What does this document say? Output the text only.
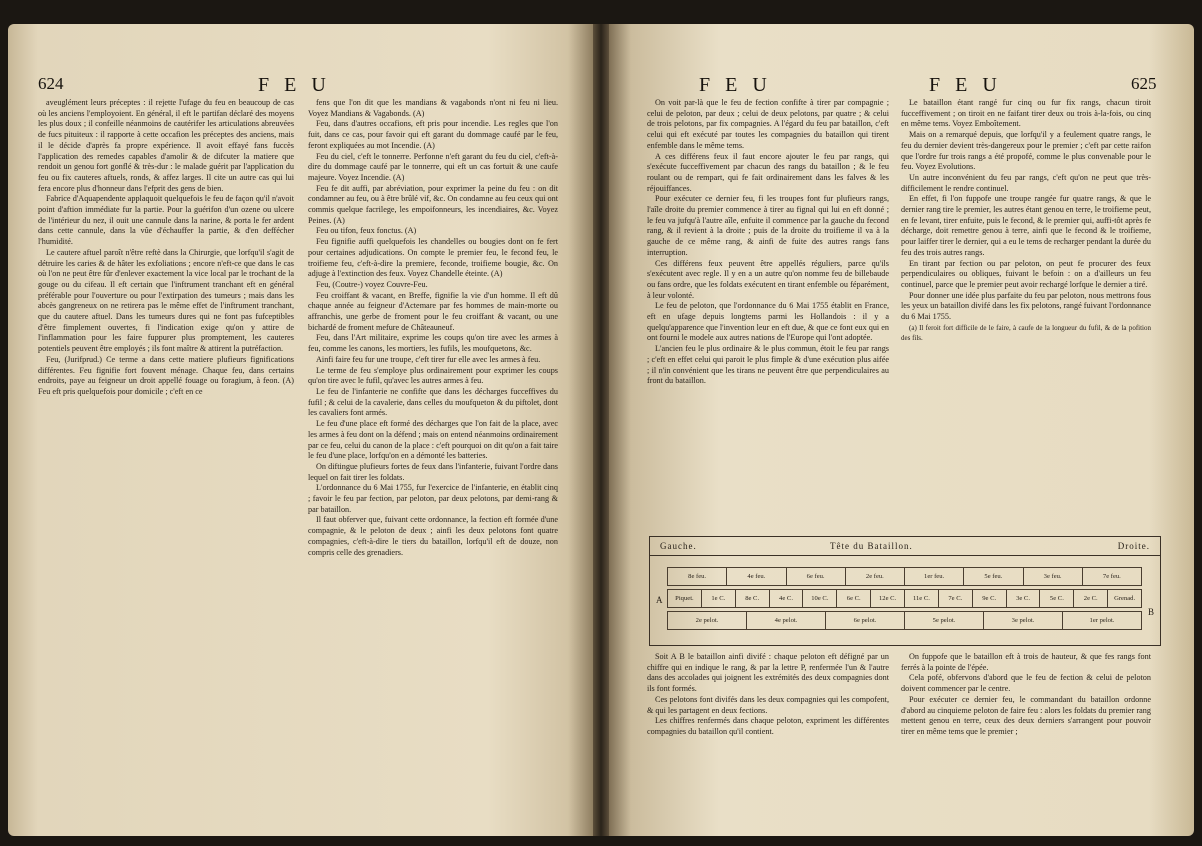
624	F E U

aveuglément leurs préceptes : il rejette l'ufage du feu en beaucoup de cas où les anciens l'employoient. En général, il eft le partifan déclaré des moyens les plus doux ; il confeille néanmoins de cautérifer les articulations abreuvées de fucs pituiteux : il rapporte à cette occafion les préceptes des anciens, mais il le décide d'après fa propre expérience. Il avoit effayé fans fuccès l'application des remedes capables d'amolir & de difcuter la matiere que rendoit un genou fort gonflé & très-dur : le malade guérit par l'application du feu ou fix cauteres aftuels, ronds, & affez larges. Il cite un autre cas qui lui fera encore plus d'honneur dans l'efprit des gens de bien.

Fabrice d'Aquapendente applaquoit quelquefois le feu de façon qu'il n'avoit point d'aftion immédiate fur la partie. Pour la guérifon d'un ozene ou ulcere de l'intérieur du nez, il ouit une cannule dans la narine, & porta le fer ardent dans cette cannule, dans la vûe d'échauffer la partie, & d'en deffécher l'humidité.

Le cautere aftuel paroît n'être reftè dans la Chirurgie, que lorfqu'il s'agit de détruire les caries & de hâter les exfoliations ; encore n'eft-ce que dans le cas où l'on ne peut être fûr d'enlever exactement la vice local par le trochant de la gouge ou du cifeau. Il eft certain que l'inftrument tranchant eft en général préférable pour l'ouverture ou pour l'extirpation des tumeurs ; mais dans les abcès gangreneux on ne retirera pas le même effet de l'inftrument tranchant, que du cautere aftuel. Dans les tumeurs dures qui ne font pas fufceptibles d'être fimplement ouvertes, fi l'indication exige qu'on y attire de l'inflammation pour les faire fuppurer plus promptement, les cauteres potentiels peuvent être employés ; ils font maître & attirent la putréfaction.

Feu, (Jurifprud.) Ce terme a dans cette matiere plufieurs fignifications différentes. Feu fignifie fort fouvent ménage. Chaque feu, dans certains endroits, paye au feigneur un droit appellé fouage ou foragium, à feon. (A) Feu eft pris quelquefois pour domicile ; c'eft en ce

fens que l'on dit que les mandians & vagabonds n'ont ni feu ni lieu. Voyez Mandians & Vagabonds. (A)

Feu, dans d'autres occafions, eft pris pour incendie. Les regles que l'on fuit, dans ce cas, pour favoir qui eft garant du dommage caufé par le feu, feront expliquées au mot Incendie. (A)

Feu du ciel, c'eft le tonnerre. Perfonne n'eft garant du feu du ciel, c'eft-à-dire du dommage caufé par le tonnerre, qui eft un cas fortuit & une caufe majeure. Voyez Incendie. (A)

Feu fe dit auffi, par abréviation, pour exprimer la peine du feu : on dit condamner au feu, ou à être brûlé vif, &c. On condamne au feu ceux qui ont commis quelque facrilege, les empoifonneurs, les incendiaires, &c. Voyez Peines. (A)

Feu ou tifon, feux fonctus. (A)

Feu fignifie auffi quelquefois les chandelles ou bougies dont on fe fert pour certaines adjudications. On compte le premier feu, le fecond feu, le troifieme feu, c'eft-à-dire la premiere, feconde, troifieme bougie, &c. On adjuge à l'extinction des feux. Voyez Chandelle éteinte. (A)

Feu, (Coutre-) voyez Couvre-Feu.

Feu croiffant & vacant, en Breffe, fignifie la vie d'un homme. Il eft dû chaque année au feigneur d'Actemare par fes hommes de main-morte ou affranchis, une gerbe de froment pour le feu croiffant & vacant, ou une bichardé de froment mefure de Châteauneuf.

Feu, dans l'Art militaire, exprime les coups qu'on tire avec les armes à feu, comme les canons, les mortiers, les fufils, les moufquetons, &c.

Ainfi faire feu fur une troupe, c'eft tirer fur elle avec les armes à feu.

Le terme de feu s'employe plus ordinairement pour exprimer les coups qu'on tire avec le fufil, qu'avec les autres armes à feu.

Le feu de l'infanterie ne confifte que dans les décharges fucceffives du fufil ; & celui de la cavalerie, dans celles du moufqueton & du piftolet, dont les cavaliers font armés.

Le feu d'une place eft formé des décharges que l'on fait de la place, avec les armes à feu dont on la défend ; mais on entend néanmoins ordinairement par ce feu, celui du canon de la place : c'eft pourquoi on dit qu'on a fait taire le feu d'une place, lorfqu'on en a démonté les batteries.

On diftingue plufieurs fortes de feux dans l'infanterie, fuivant l'ordre dans lequel on fait tirer les foldats.

L'ordonnance du 6 Mai 1755, fur l'exercice de l'infanterie, en établit cinq ; favoir le feu par fection, par peloton, par deux pelotons, par demi-rang & par bataillon.

Il faut obferver que, fuivant cette ordonnance, la fection eft formée d'une compagnie, & le peloton de deux ; ainfi les deux pelotons font quatre compagnies, c'eft-à-dire le tiers du bataillon, lorfqu'il eft de douze, non compris celle des grenadiers.

F E U	F E U	625

On voit par-là que le feu de fection confifte à tirer par compagnie ; celui de peloton, par deux ; celui de deux pelotons, par quatre ; & celui de trois pelotons, par fix compagnies. A l'égard du feu par bataillon, c'eft celui qui eft exécuté par toutes les compagnies du bataillon qui tirent enfemble dans le même tems.

A ces différens feux il faut encore ajouter le feu par rangs, qui s'exécute fucceffivement par chacun des rangs du bataillon ; & le feu roulant ou de rempart, qui fe fait ordinairement dans les falves & les réjouiffances.

Pour exécuter ce dernier feu, fi les troupes font fur plufieurs rangs, l'aîle droite du premier commence à tirer au fignal qui lui en eft donné ; le feu va jufqu'à l'autre aîle, enfuite il commence par la gauche du fecond rang, & il revient à la droite ; puis de la droite du troifieme il va à la gauche de ce même rang, & ainfi de fuite des autres rangs fans interruption.

Ces différens feux peuvent être appellés réguliers, parce qu'ils s'exécutent avec regle. Il y en a un autre qu'on nomme feu de billebaude ou fans ordre, que les foldats exécutent en tirant enfemble ou féparément, à leur volonté.

Le feu de peloton, que l'ordonnance du 6 Mai 1755 établit en France, eft en ufage depuis longtems parmi les Hollandois : il y a quelqu'apparence que l'invention leur en eft due, & que ce font eux qui en ont fourni le modele aux autres nations de l'Europe qui l'ont adoptée.

L'ancien feu le plus ordinaire & le plus commun, étoit le feu par rangs ; c'eft en effet celui qui paroit le plus fimple & d'une exécution plus aifée ; il n'in convénient que les tirans ne peuvent être que perpendiculaires au front du bataillon.

Le bataillon étant rangé fur cinq ou fur fix rangs, chacun tiroit fucceffivement ; on tiroit en ne faifant tirer deux ou trois à-la-fois, ou cinq en même tems. Voyez Emboîtement.

Mais on a remarqué depuis, que lorfqu'il y a feulement quatre rangs, le feu du dernier devient très-dangereux pour le premier ; c'eft par cette raifon que l'ordre fur trois rangs a été propofé, comme le plus convenable pour le feu. Voyez Evolutions.

Un autre inconvénient du feu par rangs, c'eft qu'on ne peut que très-difficilement le rendre continuel.

En effet, fi l'on fuppofe une troupe rangée fur quatre rangs, & que le dernier rang tire le premier, les autres étant genou en terre, le troifieme peut, en fe levant, tirer enfuite, puis le fecond, & le premier qui, auffi-tôt après fe décharge, doit remettre genou à terre, ainfi que le fecond & le troifieme, pour laiffer tirer le dernier, qui a eu le tems de recharger pendant la durée du feu des trois autres rangs.

En tirant par fection ou par peloton, on peut fe procurer des feux perpendiculaires ou obliques, fuivant le befoin : on a d'ailleurs un feu continuel, parce que le premier peut avoir rechargé lorfque le dernier a tiré.

Pour donner une idée plus parfaite du feu par peloton, nous mettrons fous les yeux un bataillon divifé dans les fix pelotons, rangé fuivant l'ordonnance du 6 Mai 1755.

(a) Il feroit fort difficile de le faire, à caufe de la longueur du fufil, & de la pofition des fils.

Gauche.	Tête du Bataillon.	Droite.
A
B
8e feu.	4e feu.	6e feu.	2e feu.	1er feu.	5e feu.	3e feu.	7e feu.
Piquet.	1e C.	8e C.	4e C.	10e C.	6e C.	12e C.	11e C.	7e C.	9e C.	3e C.	5e C.	2e C.	Grenad.
2e pelot.	4e pelot.	6e pelot.	5e pelot.	3e pelot.	1er pelot.

Soit A B le bataillon ainfi divifé : chaque peloton eft défigné par un chiffre qui en indique le rang, & par la lettre P, renfermée l'un & l'autre dans des accolades qui joignent les extrémités des deux compagnies dont ils font formés.

Ces pelotons font divifés dans les deux compagnies qui les compofent, & qui les partagent en deux fections.

Les chiffres renfermés dans chaque peloton, expriment les différentes compagnies du bataillon qu'il contient.

On fuppofe que le bataillon eft à trois de hauteur, & que fes rangs font ferrés à la pointe de l'épée.

Cela pofé, obfervons d'abord que le feu de fection & celui de peloton doivent commencer par le centre.

Pour exécuter ce dernier feu, le commandant du bataillon ordonne d'abord au cinquieme peloton de faire feu : alors les foldats du premier rang mettent genou en terre, ceux des deux derniers s'arrangent pour pouvoir tirer en même tems que le premier ;
